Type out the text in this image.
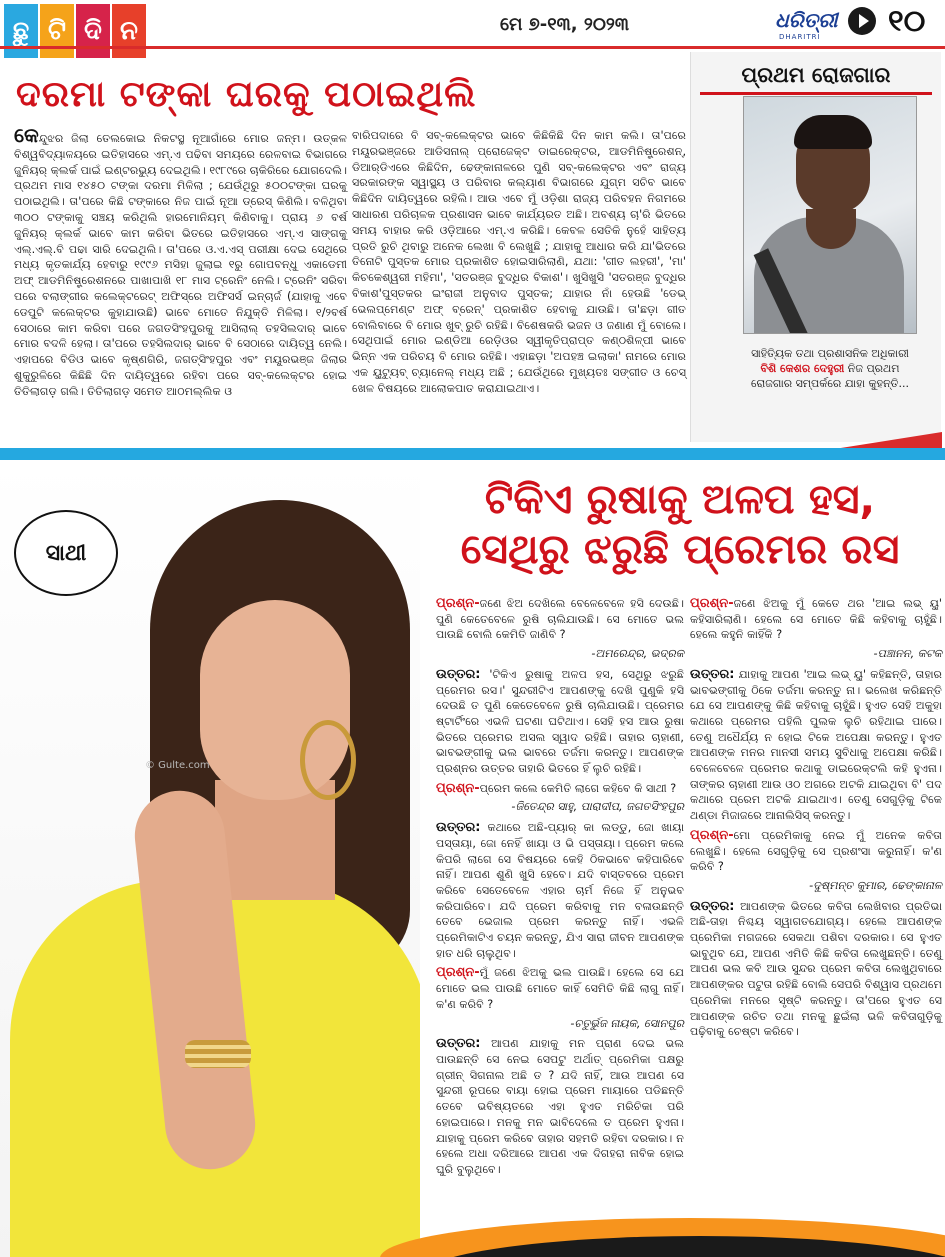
ଛୁ ଟି ଦି ନ	ମେ ୭-୧୩, ୨୦୨୩	ଧରିତ୍ରୀ
DHARITRI ୧୦
ଦରମା ଟଙ୍କା ଘରକୁ ପଠାଇଥିଲି
କେନ୍ଦୁଝର ଜିଲା ତେଲକୋଇ ନିକଟସ୍ଥ ନୂଆଗାଁରେ ମୋର ଜନ୍ମ। ଉତ୍କଳ ବିଶ୍ୱବିଦ୍ୟାଳୟରେ ଇତିହାସରେ ଏମ୍‌.ଏ ପଢିବା ସମୟରେ ରେଳବାଇ ବିଭାଗରେ ଜୁନିୟର୍‌ କ୍ଲର୍କ ପାଇଁ ଇଣ୍ଟରଭ୍ୟୁ ଦେଇଥିଲି। ୧୯୮୯ରେ ଚାକିରିରେ ଯୋଗଦେଲି। ପ୍ରଥମ ମାସ ୧୪୫୦ ଟଙ୍କା ଦରମା ମିଳିଲା ; ଯେଉଁଥିରୁ ୫୦୦ଟଙ୍କା ଘରକୁ ପଠାଇଥିଲି। ତା'ପରେ କିଛି ଟଙ୍କାରେ ନିଜ ପାଇଁ ନୂଆ ଡ୍ରେସ୍‌ କିଣିଲି। ବଳିଥିବା ୩୦୦ ଟଙ୍କାକୁ ସଞ୍ଚୟ କରିଥିଲି ହାରମୋନିୟମ୍‌ କିଣିବାକୁ। ପ୍ରାୟ ୬ ବର୍ଷ ଜୁନିୟର୍‌ କ୍ଲର୍କ ଭାବେ କାମ କରିବା ଭିତରେ ଇତିହାସରେ ଏମ୍‌.ଏ ସାଙ୍ଗକୁ ଏଲ୍‌.ଏଲ୍‌.ବି ପଢା ସାରି ଦେଇଥିଲି। ତା'ପରେ ଓ.ଏ.ଏସ୍‌ ପରୀକ୍ଷା ଦେଇ ସେଥିରେ ମଧ୍ୟ କୃତକାର୍ଯ୍ୟ ହେବାରୁ ୧୯୯୬ ମସିହା ଜୁଲାଇ ୧ରୁ ଗୋପବନ୍ଧୁ ଏକାଡେମୀ ଅଫ୍‌ ଆଡମିନିଷ୍ଟ୍ରେଶନରେ ପାଖାପାଖି ୧୮ ମାସ ଟ୍ରେନିଂ ନେଲି। ଟ୍ରେନିଂ ସରିବା ପରେ ବଲାଙ୍ଗୀର କଲେକ୍ଟରେଟ୍‌ ଅଫିସ୍‌ରେ ଅଫିସର୍ସ ଇନ୍‌ଚାର୍ଜ (ଯାହାକୁ ଏବେ ଡେପୁଟି କଲେକ୍ଟର କୁହାଯାଉଛି) ଭାବେ ମୋତେ ନିଯୁକ୍ତି ମିଳିଲା। ୧/୨ବର୍ଷ ସେଠାରେ କାମ କରିବା ପରେ ଜଗତସିଂହପୁରକୁ ଆସିଲାଲ୍‌ ତହସିଲଦାର୍‌ ଭାବେ ମୋର ବଦଳି ହେଲା। ତା'ପରେ ତହସିଲଦାର୍‌ ଭାବେ ବି ସେଠାରେ ଦାୟିତ୍ୱ ନେଲି। ଏହାପରେ ବିଡିଓ ଭାବେ କୃଷ୍ଣଗିରି, ଜଗତ୍‌ସିଂହପୁର ଏବଂ ମୟୂରଭଞ୍ଜ ଜିଲାର ଶୁକୁରୁଳିରେ କିଛିଛି ଦିନ ଦାୟିତ୍ୱରେ ରହିବା ପରେ ସବ୍‌-କଲେକ୍ଟର ହୋଇ ତିତିଲାଗଡ଼ ଗଲି। ତିତିଲାଗଡ଼ ସମେତ ଆଠମଲ୍ଲିକ ଓ
ବାରିପଦାରେ ବି ସବ୍‌-କଲେକ୍ଟର ଭାବେ କିଛିକିଛି ଦିନ କାମ କଲି। ତା'ପରେ ମୟୂରଭଞ୍ଜରେ ଆଡିସନାଲ୍‌ ପ୍ରୋଜେକ୍ଟ ଡାଇରେକ୍ଟର, ଆଡମିନିଷ୍ଟ୍ରେଶନ୍‌, ଡିଆର୍‌ଡିଏରେ କିଛିଦିନ, ଢେଙ୍କାନାଳରେ ପୁଣି ସବ୍‌-କଲେକ୍ଟର ଏବଂ ରାଜ୍ୟ ସରକାରଙ୍କ ସ୍ୱାସ୍ଥ୍ୟ ଓ ପରିବାର କଲ୍ୟାଣ ବିଭାଗରେ ଯୁଗ୍ମ ସଚିବ ଭାବେ କିଛିଦିନ ଦାୟିତ୍ୱରେ ରହିଲି। ଆଉ ଏବେ ମୁଁ ଓଡ଼ିଶା ରାଜ୍ୟ ପରିବହନ ନିଗମରେ ସାଧାରଣ ପରିଚାଳକ ପ୍ରଶାସନ ଭାବେ କାର୍ଯ୍ୟରତ ଅଛି। ଅବଶ୍ୟ ଚା'ରି ଭିତରେ ସମୟ ବାହାର କରି ଓଡ଼ିଆରେ ଏମ୍‌.ଏ କରିଛି। କେବଳ ସେତିକି ନୁହେଁ ସାହିତ୍ୟ ପ୍ରତି ରୁଚି ଥିବାରୁ ଅନେକ ଲେଖା ବି ଲେଖୁଛି ; ଯାହାକୁ ଆଧାର କରି ଯା'ଭିତରେ ତିନୋଟି ପୁସ୍ତକ ମୋର ପ୍ରକାଶିତ ହୋଇସାରିଲାଣି, ଯଥା: 'ଗୀତ ଲହରୀ', 'ମା' କିଚକେଶ୍ୱରୀ ମହିମା', 'ସତରଞ୍ଜ ବୁଦ୍ଧିର ବିକାଶ'। ଖୁସିଖୁସି 'ସତରଞ୍ଜ ବୁଦ୍ଧିର ବିକାଶ'ପୁସ୍ତକର ଇଂରାଜୀ ଅନୁବାଦ ପୁସ୍ତକ; ଯାହାର ନାଁ ହେଉଛି 'ଡେଭ୍‌ ଭେଲପ୍‌ମେଣ୍ଟ ଅଫ୍‌ ବ୍ରେନ୍‌' ପ୍ରକାଶିତ ହେବାକୁ ଯାଉଛି। ତା'ଛଡ଼ା ଗୀତ ବୋଲିବାରେ ବି ମୋର ଖୁବ୍‌ ରୁଚି ରହିଛି। ବିଶେଷକରି ଭଜନ ଓ ଜଣାଣ ମୁଁ ବୋଲେ। ସେଥିପାଇଁ ମୋର ଇଣ୍ଡିଆ ରେଡ଼ିଓର ସ୍ୱୀକୃତିପ୍ରାପ୍ତ କଣ୍ଠଶିଳ୍ପୀ ଭାବେ ଭିନ୍ନ ଏକ ପରିଚୟ ବି ମୋର ରହିଛି। ଏହାଛଡ଼ା 'ଅପହଞ୍ଚ ଇଲାକା' ନାମରେ ମୋର ଏକ ୟୁଟ୍ୟୁବ୍‌ ଚ୍ୟାନେଲ୍‌ ମଧ୍ୟ ଅଛି ; ଯେଉଁଥିରେ ମୁଖ୍ୟତଃ ସଙ୍ଗୀତ ଓ ଚେସ୍‌ ଖେଳ ବିଷୟରେ ଆଲୋକପାତ କରାଯାଇଥାଏ।
ପ୍ରଥମ ରୋଜଗାର
ସାହିତ୍ୟିକ ତଥା ପ୍ରଶାସନିକ ଅଧିକାରୀ ବିଶି କେଶର ଦେହୁରୀ ନିଜ ପ୍ରଥମ ରୋଜଗାର ସମ୍ପର୍କରେ ଯାହା କୁହନ୍ତି...
© Gulte.com
ସାଥୀ
ଟିକିଏ ରୁଷାକୁ ଅଳପ ହସ,
ସେଥିରୁ ଝରୁଛି ପ୍ରେମର ରସ
ପ୍ରଶ୍ନ-ଜଣେ ଝିଅ ଦେଖିଲେ ବେଳେବେଳେ ହସି ଦେଉଛି। ପୁଣି କେତେବେଳେ ରୁଷି ଚାଲିଯାଉଛି। ସେ ମୋତେ ଭଲ ପାଉଛି ବୋଲି କେମିତି ଜାଣିବି ?
-ଅମରେନ୍ଦ୍ର, ଭଦ୍ରକ
ଉତ୍ତର: 'ଟିକିଏ ରୁଷାକୁ ଅଳପ ହସ, ସେଥିରୁ ଝରୁଛି ପ୍ରେମର ରସ।' ସୁନ୍ଦରୀଟିଏ ଆପଣଙ୍କୁ ଦେଖି ପୁଣୁକି ହସି ଦେଉଛି ତ ପୁଣି କେତେବେଳେ ରୁଷି ଚାଲିଯାଉଛି। ପ୍ରେମର ଷ୍ଟାର୍ଟିଂରେ ଏଭଳି ଘଟଣା ଘଟିଥାଏ। ସେହି ହସ ଆଉ ରୁଷା ଭିତରେ ପ୍ରେମର ଅସଲ ସ୍ୱାଦ ରହିଛି। ତାହାର ଚାହାଣୀ, ଭାବଭଙ୍ଗୀକୁ ଭଲ ଭାବରେ ତର୍ଜମା କରନ୍ତୁ। ଆପଣଙ୍କ ପ୍ରଶ୍ନର ଉତ୍ତର ତାହାରି ଭିତରେ ହିଁ ଲୁଚି ରହିଛି।
ପ୍ରଶ୍ନ-ପ୍ରେମ କଲେ କେମିତି ଲାଗେ କହିବେ କି ସାଥୀ ?
-ଜିତେନ୍ଦ୍ର ସାହୁ, ପାରାଦୀପ, ଜଗତସିଂହପୁର
ଉତ୍ତର: କଥାରେ ଅଛି-ପ୍ୟାର୍‌ କା ଲଡ୍ଡୁ, ଜୋ ଖାୟା ପସ୍ତାୟା, ଜୋ ନେହିଁ ଖାୟା ଓ ଭି ପସ୍ତାୟା। ପ୍ରେମ କଲେ କିପରି ଲାଗେ ସେ ବିଷୟରେ କେହି ଠିକଭାବେ କହିପାରିବେ ନାହିଁ। ଆପଣ ଶୁଣି ଖୁସି ହେବେ। ଯଦି ବାସ୍ତବରେ ପ୍ରେମ କରିବେ ସେତେବେଳେ ଏହାର ଚାର୍ମ ନିଜେ ହିଁ ଅନୁଭବ କରିପାରିବେ। ଯଦି ପ୍ରେମ କରିବାକୁ ମନ ବଳାଉଛନ୍ତି ତେବେ ଭେଜାଲ ପ୍ରେମ କରନ୍ତୁ ନାହିଁ। ଏଭଳି ପ୍ରେମିକାଟିଏ ଚୟନ କରନ୍ତୁ, ଯିଏ ସାରା ଜୀବନ ଆପଣଙ୍କ ହାତ ଧରି ଚାଲୁଥିବ।
ପ୍ରଶ୍ନ-ମୁଁ ଜଣେ ଝିଅକୁ ଭଲ ପାଉଛି। ହେଲେ ସେ ଯେ ମୋତେ ଭଲ ପାଉଛି ମୋତେ କାହିଁ ସେମିତି କିଛି ଲାଗୁ ନାହିଁ। କ'ଣ କରିବି ?
-ଚତୁର୍ଭୁଜ ନାୟକ, ସୋନପୁର
ଉତ୍ତର: ଆପଣ ଯାହାକୁ ମନ ପ୍ରାଣ ଦେଇ ଭଲ ପାଉଛନ୍ତି ସେ ନେଇ ସେପଟୁ ଅର୍ଥାତ୍‌ ପ୍ରେମିକା ପକ୍ଷରୁ ଗ୍ରୀନ୍‌ ସିଗନାଲ ଅଛି ତ ? ଯଦି ନାହିଁ, ଆଉ ଆପଣ ସେ ସୁନ୍ଦରୀ ରୂପରେ ବାୟା ହୋଇ ପ୍ରେମ ମାୟାରେ ପଡିଛନ୍ତି ତେବେ ଭବିଷ୍ୟତରେ ଏହା ହୁଏତ ମରିଚିକା ପରି ହୋଇପାରେ। ମନକୁ ମନ ଭାବିଦେଲେ ତ ପ୍ରେମ ହୁଏନା। ଯାହାକୁ ପ୍ରେମ କରିବେ ତାହାର ସହମତି ରହିବା ଦରକାର। ନ ହେଲେ ଅଧା ଦରିଆରେ ଆପଣ ଏକ ଦିଗହରା ନାବିକ ହୋଇ ଘୁରି ବୁଲୁଥିବେ।
ପ୍ରଶ୍ନ-ଜଣେ ଝିଅକୁ ମୁଁ କେତେ ଥର 'ଆଇ ଲଭ୍‌ ୟୁ' କହିସାରିଲାଣି। ହେଲେ ସେ ମୋତେ କିଛି କହିବାକୁ ଚାହୁଁଛି। ହେଲେ କହୁନି କାହିଁକି ?
-ପଞ୍ଚାନନ, କଟକ
ଉତ୍ତର: ଯାହାକୁ ଆପଣ 'ଆଇ ଲଭ୍‌ ୟୁ' କହିଛନ୍ତି, ତାହାର ଭାବଭଙ୍ଗୀକୁ ଠିକେ ତର୍ଜମା କରନ୍ତୁ ନା। ଭଲେଖ କରିଛନ୍ତି ଯେ ସେ ଆପଣଙ୍କୁ କିଛି କହିବାକୁ ଚାହୁଁଛି। ହୁଏତ ସେହି ଅକୁହା କଥାରେ ପ୍ରେମର ପହିଲି ପୁଲକ ଲୁଚି ରହିଥାଇ ପାରେ। ତେଣୁ ଅଧୈର୍ଯ୍ୟ ନ ହୋଇ ଟିକେ ଅପେକ୍ଷା କରନ୍ତୁ। ହୁଏତ ଆପଣଙ୍କ ମନର ମାନସୀ ସମୟ ସୁବିଧାକୁ ଅପେକ୍ଷା କରିଛି। ବେଳେବେଳେ ପ୍ରେମର କଥାକୁ ଡାଇରେକ୍ଟଲି କହି ହୁଏନା। ତାଙ୍କର ଚାହାଣୀ ଆଉ ଓଠ ଅଗରେ ଅଟକି ଯାଇଥିବା ବି' ପଦ କଥାରେ ପ୍ରେମ ଅଟକି ଯାଇଥାଏ। ତେଣୁ ସେଗୁଡ଼ିକୁ ଟିକେ ଥଣ୍ଡା ମିଜାଜରେ ଆନାଲିସିସ୍‌ କରନ୍ତୁ।
ପ୍ରଶ୍ନ-ମୋ ପ୍ରେମିକାକୁ ନେଇ ମୁଁ ଅନେକ କବିତା ଲେଖୁଛି। ହେଲେ ସେଗୁଡ଼ିକୁ ସେ ପ୍ରଶଂସା କରୁନାହିଁ। କ'ଣ କରିବି ?
-ଦୁଷ୍ମନ୍ତ କୁମାର, ଢେଙ୍କାନାଳ
ଉତ୍ତର: ଆପଣଙ୍କ ଭିତରେ କବିତା ଲେଖିବାର ପ୍ରତିଭା ଅଛି-ତାହା ନିଶ୍ଚୟ ସ୍ୱାଗତଯୋଗ୍ୟ। ହେଲେ ଆପଣଙ୍କ ପ୍ରେମିକା ମଗଜରେ ସେକଥା ପଶିବା ଦରକାର। ସେ ହୁଏତ ଭାବୁଥିବ ଯେ, ଆପଣ ଏମିତି କିଛି କବିତା ଲେଖୁଛନ୍ତି। ତେଣୁ ଆପଣ ଭଲ କବି ଆଉ ସୁନ୍ଦର ପ୍ରେମ କବିତା ଲେଖୁଥିବାରେ ଆପଣଙ୍କର ପଟୁତା ରହିଛି ବୋଲି ସେପରି ବିଶ୍ୱାସ ପ୍ରଥମେ ପ୍ରେମିକା ମନରେ ସୃଷ୍ଟି କରନ୍ତୁ। ତା'ପରେ ହୁଏତ ସେ ଆପଣଙ୍କ ରଚିତ ତଥା ମନକୁ ଛୁଇଁଲା ଭଳି କବିତାଗୁଡ଼ିକୁ ପଢ଼ିବାକୁ ଚେଷ୍ଟା କରିବେ।
